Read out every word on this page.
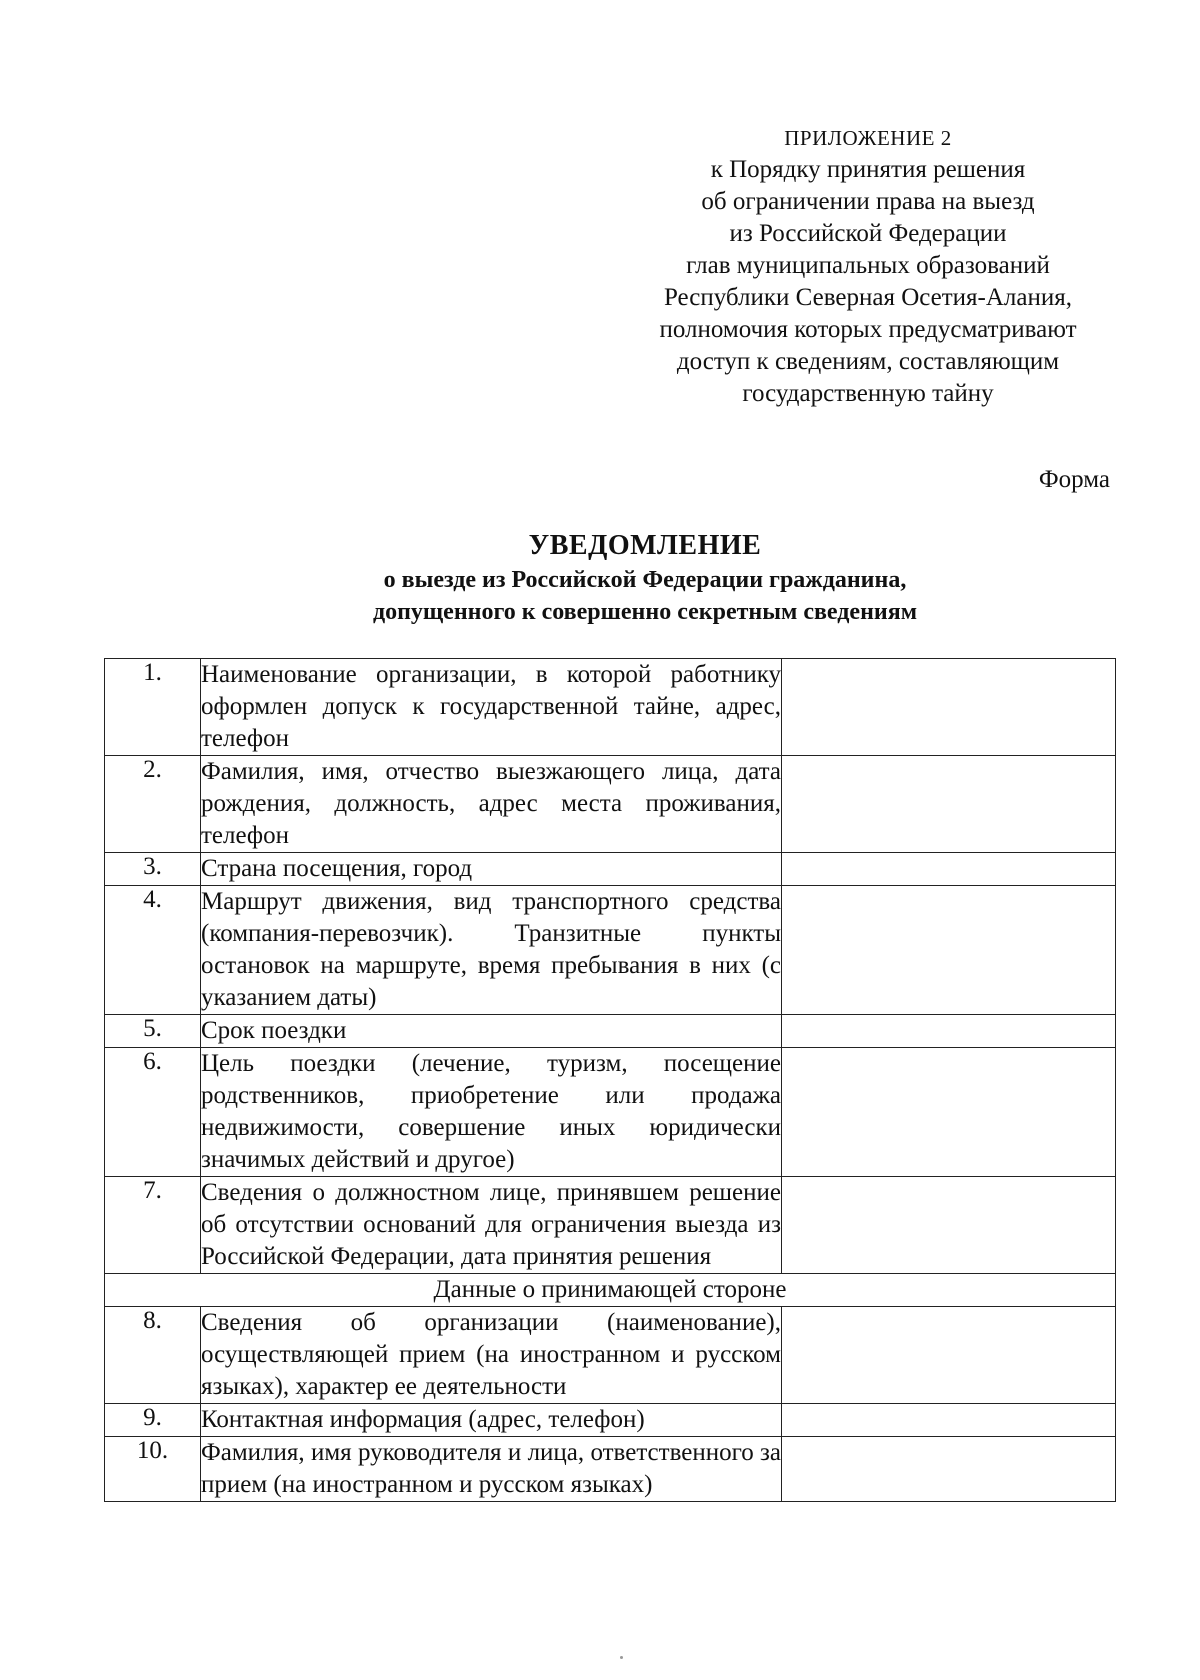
ПРИЛОЖЕНИЕ 2
к Порядку принятия решения
об ограничении права на выезд
из Российской Федерации
глав муниципальных образований
Республики Северная Осетия-Алания,
полномочия которых предусматривают
доступ к сведениям, составляющим
государственную тайну
Форма
УВЕДОМЛЕНИЕ
о выезде из Российской Федерации гражданина,
допущенного к совершенно секретным сведениям
1.	Наименование организации, в которой работнику оформлен допуск к государственной тайне, адрес, телефон	
2.	Фамилия, имя, отчество выезжающего лица, дата рождения, должность, адрес места проживания, телефон	
3.	Страна посещения, город	
4.	Маршрут движения, вид транспортного средства (компания-перевозчик). Транзитные пункты остановок на маршруте, время пребывания в них (с указанием даты)	
5.	Срок поездки	
6.	Цель поездки (лечение, туризм, посещение родственников, приобретение или продажа недвижимости, совершение иных юридически значимых действий и другое)	
7.	Сведения о должностном лице, принявшем решение об отсутствии оснований для ограничения выезда из Российской Федерации, дата принятия решения	
Данные о принимающей стороне		
8.	Сведения об организации (наименование), осуществляющей прием (на иностранном и русском языках), характер ее деятельности	
9.	Контактная информация (адрес, телефон)	
10.	Фамилия, имя руководителя и лица, ответственного за прием (на иностранном и русском языках)	
